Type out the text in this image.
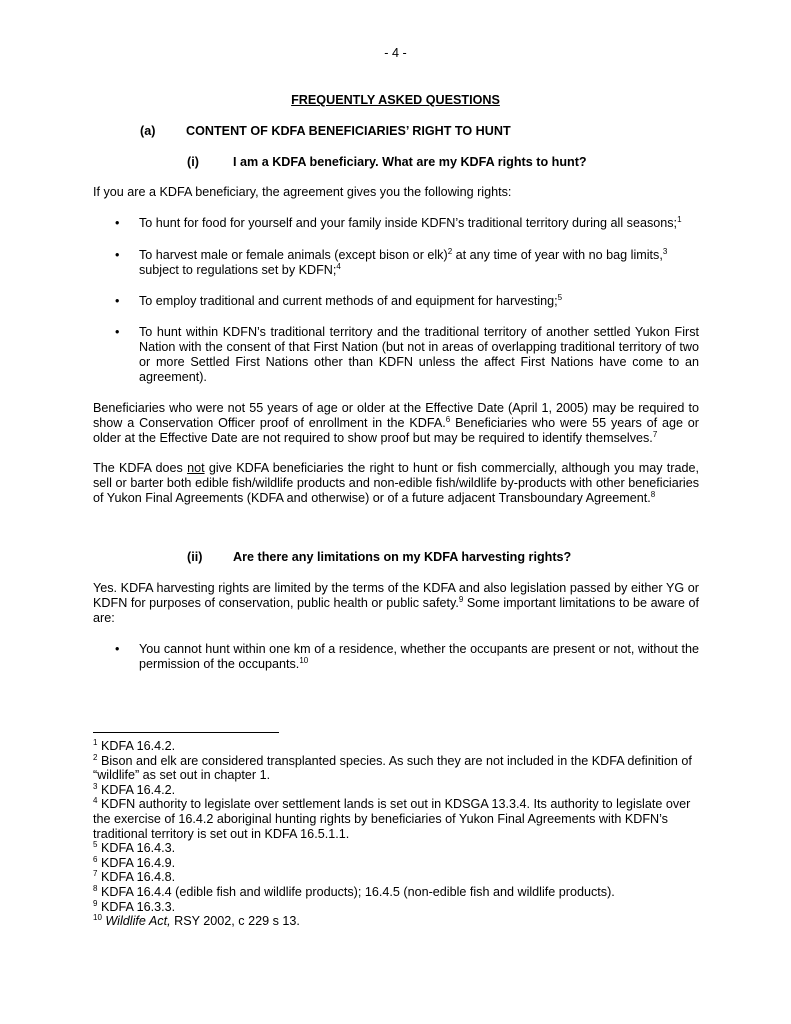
- 4 -
FREQUENTLY ASKED QUESTIONS
(a) CONTENT OF KDFA BENEFICIARIES’ RIGHT TO HUNT
(i)	I am a KDFA beneficiary. What are my KDFA rights to hunt?
If you are a KDFA beneficiary, the agreement gives you the following rights:
• To hunt for food for yourself and your family inside KDFN’s traditional territory during all seasons;$^1$
• To harvest male or female animals (except bison or elk)$^2$ at any time of year with no bag limits,$^3$
subject to regulations set by KDFN;$^4$
• To employ traditional and current methods of and equipment for harvesting;$^5$
• To hunt within KDFN’s traditional territory and the traditional territory of another settled Yukon First Nation with the consent of that First Nation (but not in areas of overlapping traditional territory of two or more Settled First Nations other than KDFN unless the affect First Nations have come to an agreement).
Beneficiaries who were not 55 years of age or older at the Effective Date (April 1, 2005) may be required to show a Conservation Officer proof of enrollment in the KDFA.$^6$ Beneficiaries who were 55 years of age or older at the Effective Date are not required to show proof but may be required to identify themselves.$^7$
The KDFA does not give KDFA beneficiaries the right to hunt or fish commercially, although you may trade, sell or barter both edible fish/wildlife products and non-edible fish/wildlife by-products with other beneficiaries of Yukon Final Agreements (KDFA and otherwise) or of a future adjacent Transboundary Agreement.$^8$
(ii) Are there any limitations on my KDFA harvesting rights?
Yes. KDFA harvesting rights are limited by the terms of the KDFA and also legislation passed by either YG or KDFN for purposes of conservation, public health or public safety.$^9$ Some important limitations to be aware of are:
• You cannot hunt within one km of a residence, whether the occupants are present or not, without the permission of the occupants.$^{10}$
$^1$ KDFA 16.4.2.
$^2$ Bison and elk are considered transplanted species. As such they are not included in the KDFA definition of “wildlife” as set out in chapter 1.
$^3$ KDFA 16.4.2.
$^4$ KDFN authority to legislate over settlement lands is set out in KDSGA 13.3.4. Its authority to legislate over the exercise of 16.4.2 aboriginal hunting rights by beneficiaries of Yukon Final Agreements with KDFN’s traditional territory is set out in KDFA 16.5.1.1.
$^5$ KDFA 16.4.3.
$^6$ KDFA 16.4.9.
$^7$ KDFA 16.4.8.
$^8$ KDFA 16.4.4 (edible fish and wildlife products); 16.4.5 (non-edible fish and wildlife products).
$^9$ KDFA 16.3.3.
$^{10}$ Wildlife Act, RSY 2002, c 229 s 13.
